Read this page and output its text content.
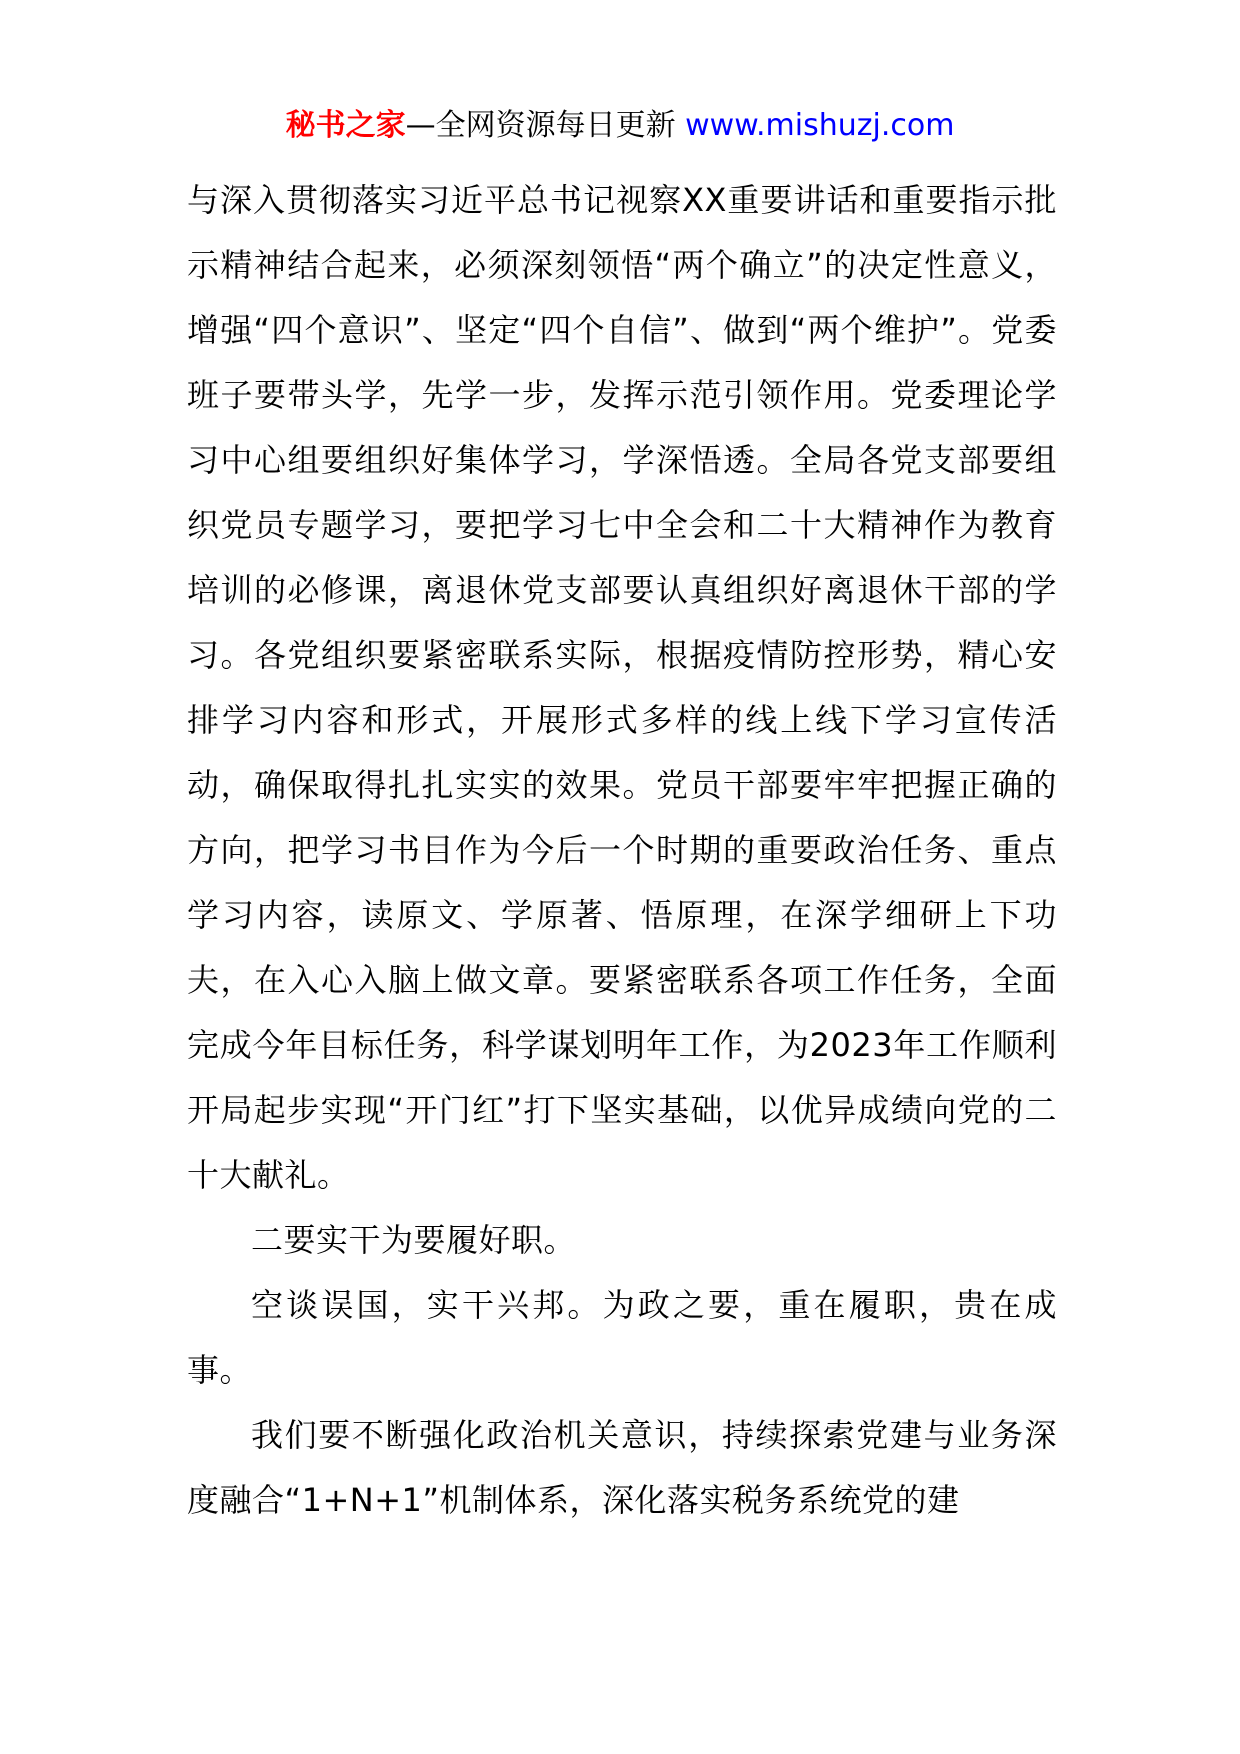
秘书之家—全网资源每日更新 www.mishuzj.com

与深入贯彻落实习近平总书记视察XX重要讲话和重要指示批示精神结合起来，必须深刻领悟“两个确立”的决定性意义，增强“四个意识”、坚定“四个自信”、做到“两个维护”。党委班子要带头学，先学一步，发挥示范引领作用。党委理论学习中心组要组织好集体学习，学深悟透。全局各党支部要组织党员专题学习，要把学习七中全会和二十大精神作为教育培训的必修课，离退休党支部要认真组织好离退休干部的学习。各党组织要紧密联系实际，根据疫情防控形势，精心安排学习内容和形式，开展形式多样的线上线下学习宣传活动，确保取得扎扎实实的效果。党员干部要牢牢把握正确的方向，把学习书目作为今后一个时期的重要政治任务、重点学习内容，读原文、学原著、悟原理，在深学细研上下功夫，在入心入脑上做文章。要紧密联系各项工作任务，全面完成今年目标任务，科学谋划明年工作，为2023年工作顺利开局起步实现“开门红”打下坚实基础，以优异成绩向党的二十大献礼。

二要实干为要履好职。

空谈误国，实干兴邦。为政之要，重在履职，贵在成事。

我们要不断强化政治机关意识，持续探索党建与业务深度融合“1+N+1”机制体系，深化落实税务系统党的建
